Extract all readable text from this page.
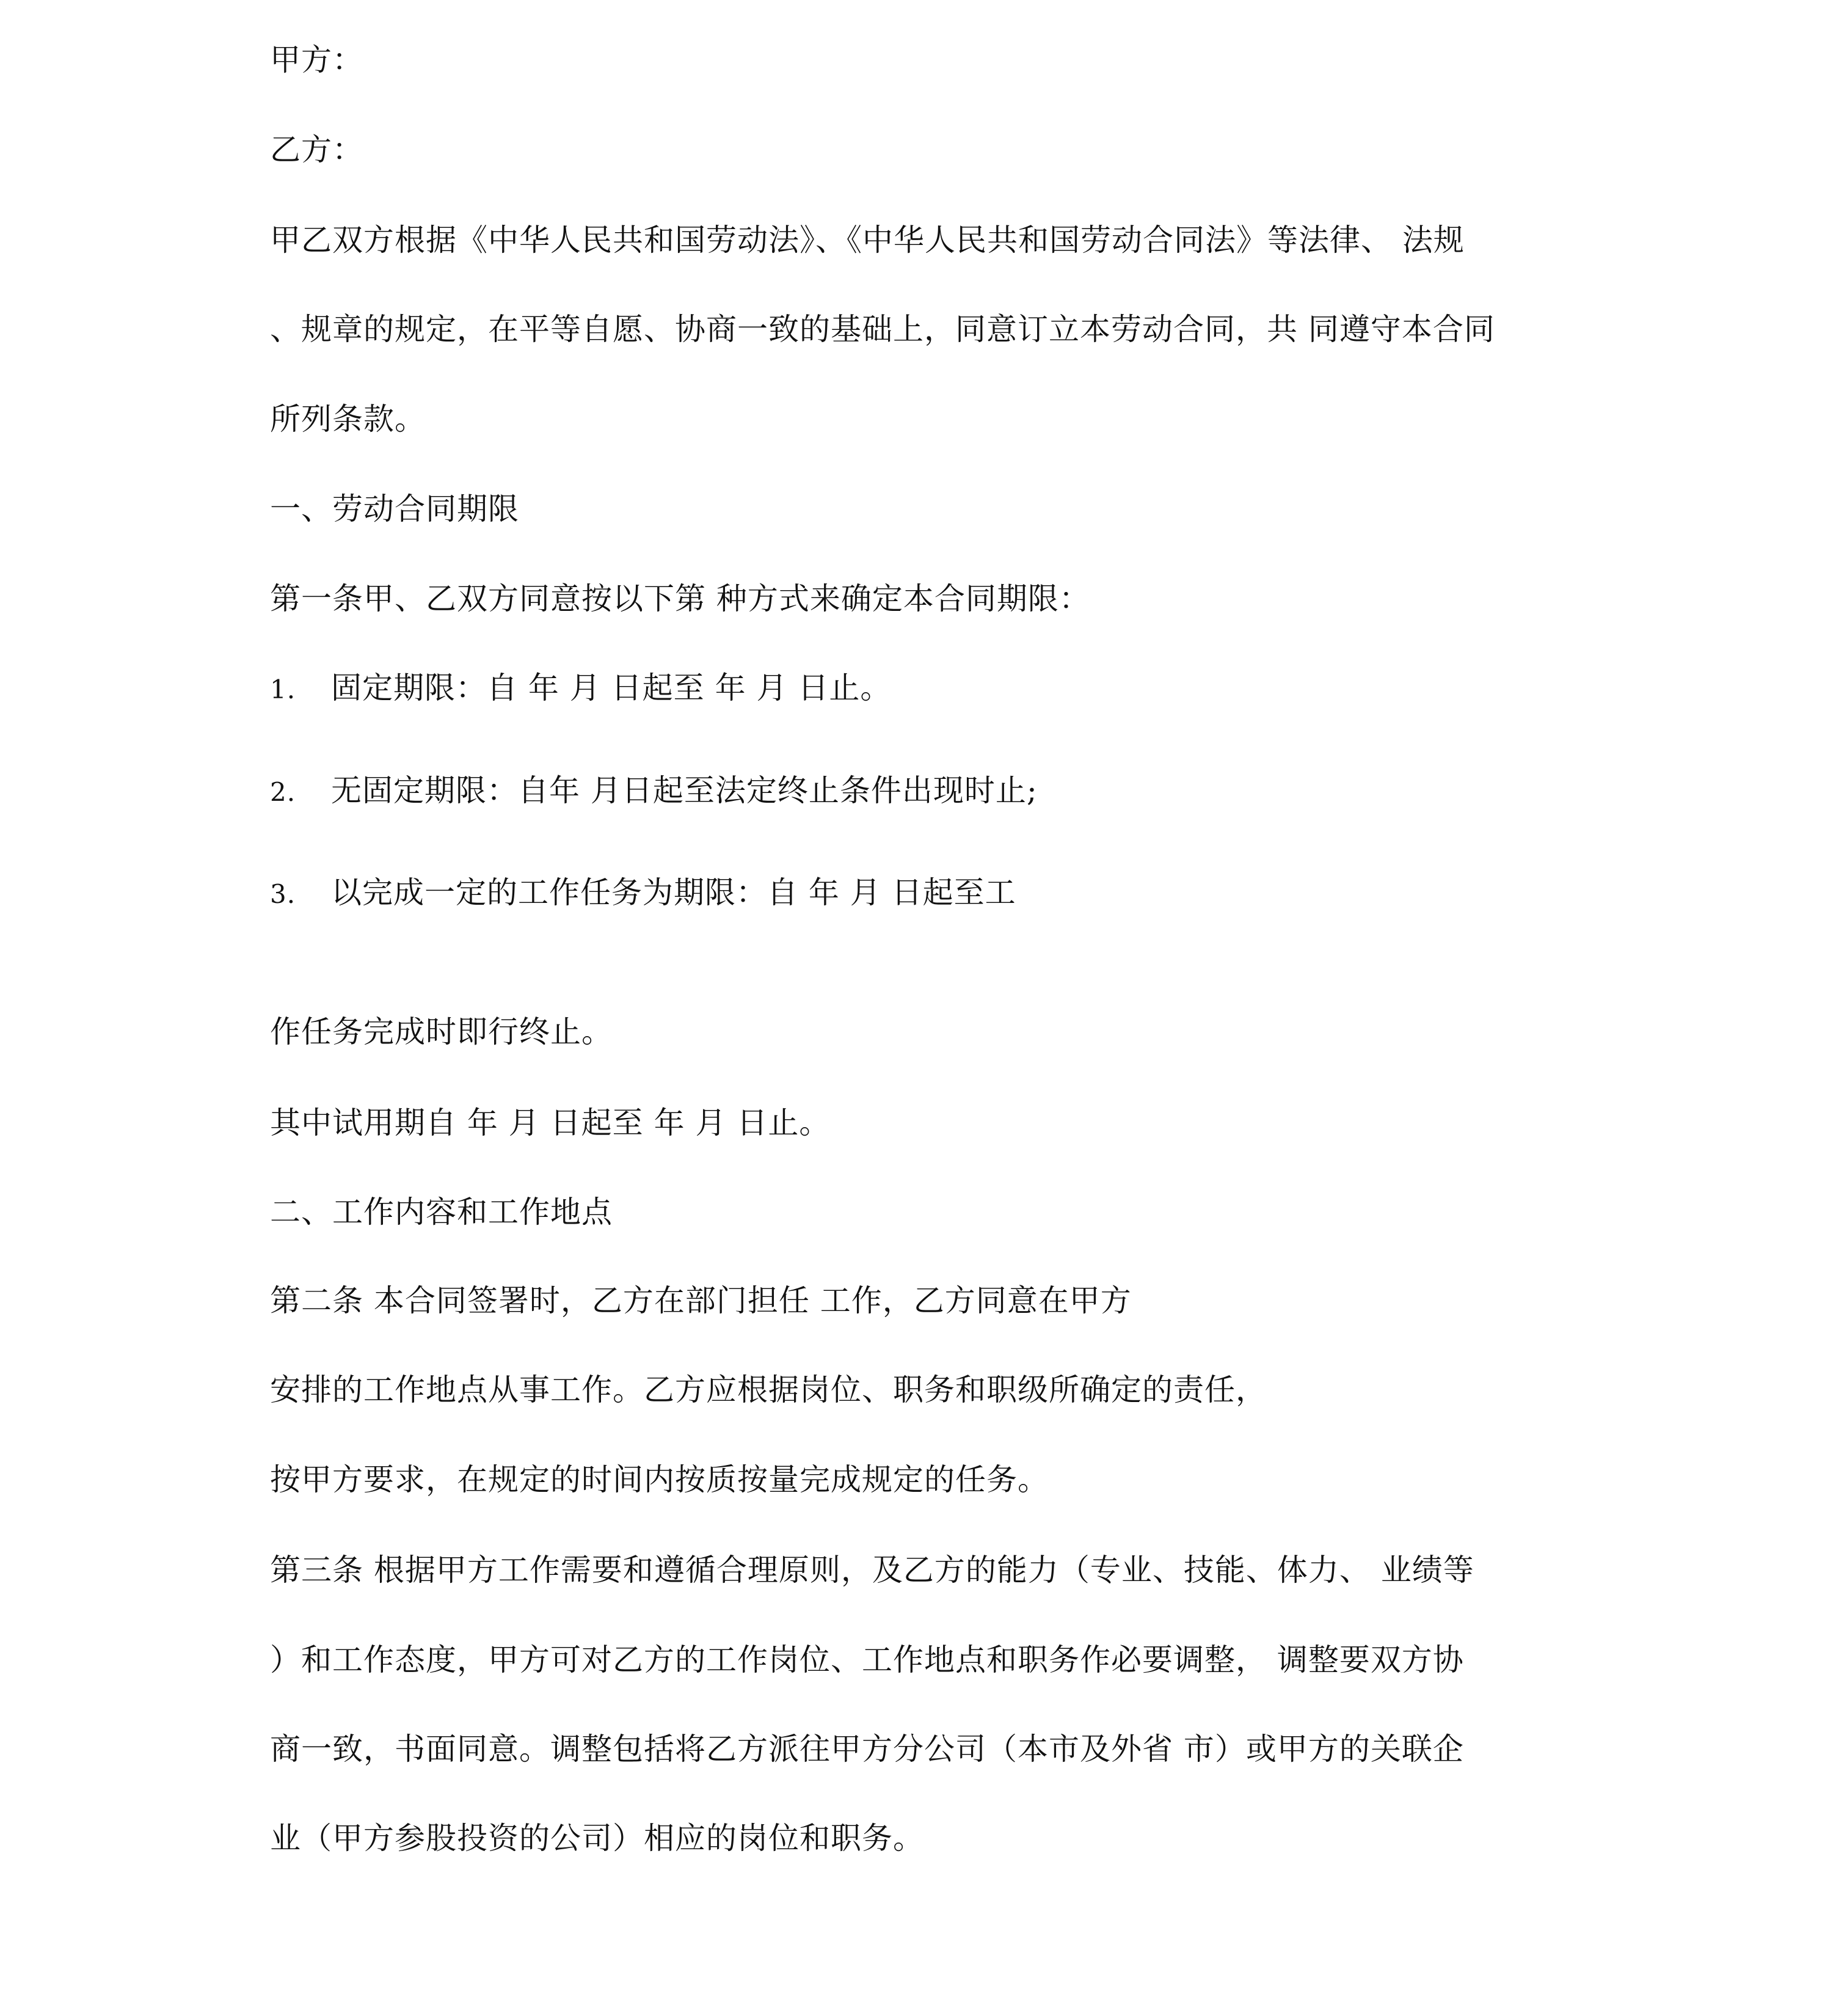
甲方：

乙方：

甲乙双方根据《中华人民共和国劳动法》、《中华人民共和国劳动合同法》等法律、 法规

、规章的规定，在平等自愿、协商一致的基础上，同意订立本劳动合同，共 同遵守本合同

所列条款。

一、劳动合同期限

第一条甲、乙双方同意按以下第 种方式来确定本合同期限：

1. 固定期限：自 年 月 日起至 年 月 日止。

2. 无固定期限：自年 月日起至法定终止条件出现时止;

3. 以完成一定的工作任务为期限：自 年 月 日起至工

作任务完成时即行终止。

其中试用期自 年 月 日起至 年 月 日止。

二、工作内容和工作地点

第二条 本合同签署时，乙方在部门担任 工作，乙方同意在甲方

安排的工作地点从事工作。乙方应根据岗位、职务和职级所确定的责任，

按甲方要求，在规定的时间内按质按量完成规定的任务。

第三条 根据甲方工作需要和遵循合理原则，及乙方的能力（专业、技能、体力、 业绩等

）和工作态度，甲方可对乙方的工作岗位、工作地点和职务作必要调整， 调整要双方协

商一致，书面同意。调整包括将乙方派往甲方分公司（本市及外省 市）或甲方的关联企

业（甲方参股投资的公司）相应的岗位和职务。
